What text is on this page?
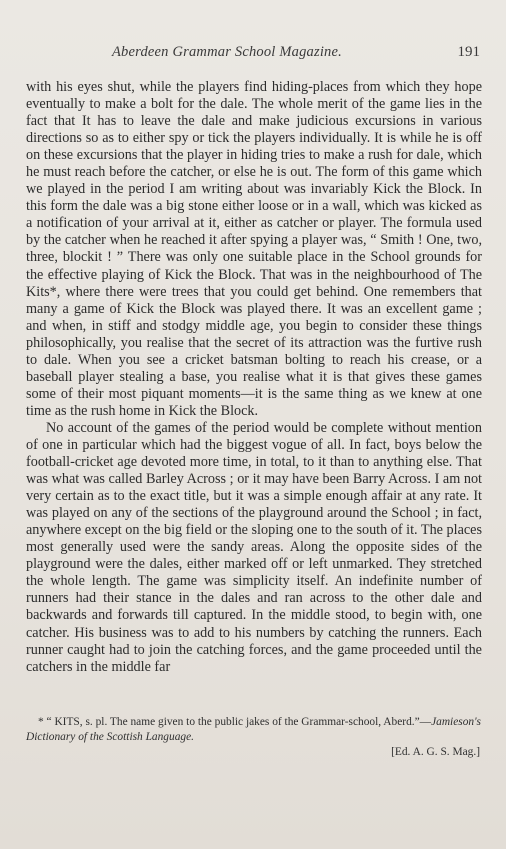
Aberdeen Grammar School Magazine.	191

with his eyes shut, while the players find hiding-places from which they hope eventually to make a bolt for the dale. The whole merit of the game lies in the fact that It has to leave the dale and make judicious excursions in various directions so as to either spy or tick the players individually. It is while he is off on these excursions that the player in hiding tries to make a rush for dale, which he must reach before the catcher, or else he is out. The form of this game which we played in the period I am writing about was invariably Kick the Block. In this form the dale was a big stone either loose or in a wall, which was kicked as a notification of your arrival at it, either as catcher or player. The formula used by the catcher when he reached it after spying a player was, “ Smith ! One, two, three, blockit ! ” There was only one suitable place in the School grounds for the effective playing of Kick the Block. That was in the neighbourhood of The Kits*, where there were trees that you could get behind. One remembers that many a game of Kick the Block was played there. It was an excellent game ; and when, in stiff and stodgy middle age, you begin to consider these things philosophically, you realise that the secret of its attraction was the furtive rush to dale. When you see a cricket batsman bolting to reach his crease, or a baseball player stealing a base, you realise what it is that gives these games some of their most piquant moments—it is the same thing as we knew at one time as the rush home in Kick the Block.

No account of the games of the period would be complete without mention of one in particular which had the biggest vogue of all. In fact, boys below the football-cricket age devoted more time, in total, to it than to anything else. That was what was called Barley Across ; or it may have been Barry Across. I am not very certain as to the exact title, but it was a simple enough affair at any rate. It was played on any of the sections of the playground around the School ; in fact, anywhere except on the big field or the sloping one to the south of it. The places most generally used were the sandy areas. Along the opposite sides of the playground were the dales, either marked off or left unmarked. They stretched the whole length. The game was simplicity itself. An indefinite number of runners had their stance in the dales and ran across to the other dale and backwards and forwards till captured. In the middle stood, to begin with, one catcher. His business was to add to his numbers by catching the runners. Each runner caught had to join the catching forces, and the game proceeded until the catchers in the middle far

* “ KITS, s. pl. The name given to the public jakes of the Grammar-school, Aberd.”—Jamieson's Dictionary of the Scottish Language.

[Ed. A. G. S. Mag.]
